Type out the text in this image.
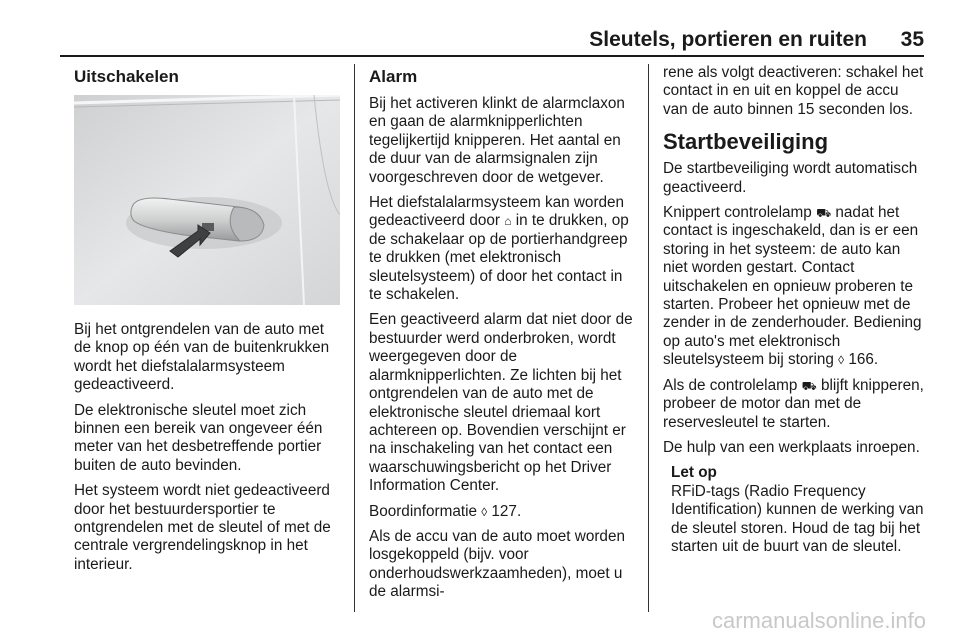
Sleutels, portieren en ruiten 35
Uitschakelen

Bij het ontgrendelen van de auto met de knop op één van de buitenkrukken wordt het diefstalalarmsysteem gedeactiveerd.

De elektronische sleutel moet zich binnen een bereik van ongeveer één meter van het desbetreffende portier buiten de auto bevinden.

Het systeem wordt niet gedeactiveerd door het bestuurdersportier te ontgrendelen met de sleutel of met de centrale vergrendelingsknop in het interieur.

Alarm

Bij het activeren klinkt de alarmclaxon en gaan de alarmknipperlichten tegelijkertijd knipperen. Het aantal en de duur van de alarmsignalen zijn voorgeschreven door de wetgever.

Het diefstalalarmsysteem kan worden gedeactiveerd door ⌂ in te drukken, op de schakelaar op de portierhandgreep te drukken (met elektronisch sleutelsysteem) of door het contact in te schakelen.

Een geactiveerd alarm dat niet door de bestuurder werd onderbroken, wordt weergegeven door de alarmknipperlichten. Ze lichten bij het ontgrendelen van de auto met de elektronische sleutel driemaal kort achtereen op. Bovendien verschijnt er na inschakeling van het contact een waarschuwingsbericht op het Driver Information Center.

Boordinformatie ◊ 127.

Als de accu van de auto moet worden losgekoppeld (bijv. voor onderhoudswerkzaamheden), moet u de alarmsi-

rene als volgt deactiveren: schakel het contact in en uit en koppel de accu van de auto binnen 15 seconden los.

Startbeveiliging

De startbeveiliging wordt automatisch geactiveerd.

Knippert controlelamp ⛟ nadat het contact is ingeschakeld, dan is er een storing in het systeem: de auto kan niet worden gestart. Contact uitschakelen en opnieuw proberen te starten. Probeer het opnieuw met de zender in de zenderhouder. Bediening op auto's met elektronisch sleutelsysteem bij storing ◊ 166.

Als de controlelamp ⛟ blijft knipperen, probeer de motor dan met de reservesleutel te starten.

De hulp van een werkplaats inroepen.

Let op
RFiD-tags (Radio Frequency Identification) kunnen de werking van de sleutel storen. Houd de tag bij het starten uit de buurt van de sleutel.
carmanualsonline.info
